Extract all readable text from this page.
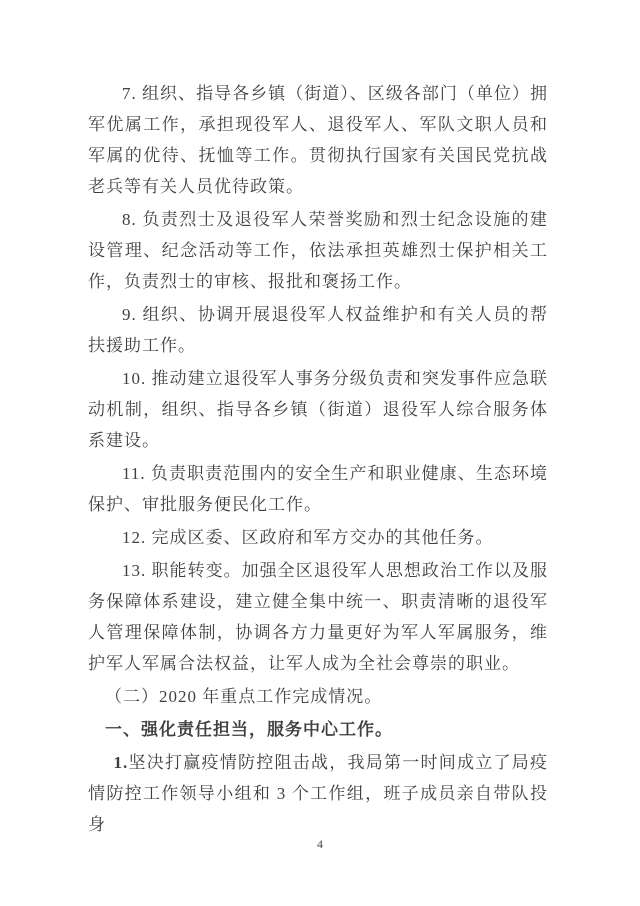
7. 组织、指导各乡镇（街道）、区级各部门（单位）拥军优属工作，承担现役军人、退役军人、军队文职人员和军属的优待、抚恤等工作。贯彻执行国家有关国民党抗战老兵等有关人员优待政策。

8. 负责烈士及退役军人荣誉奖励和烈士纪念设施的建设管理、纪念活动等工作，依法承担英雄烈士保护相关工作，负责烈士的审核、报批和褒扬工作。

9. 组织、协调开展退役军人权益维护和有关人员的帮扶援助工作。

10. 推动建立退役军人事务分级负责和突发事件应急联动机制，组织、指导各乡镇（街道）退役军人综合服务体系建设。

11. 负责职责范围内的安全生产和职业健康、生态环境保护、审批服务便民化工作。

12. 完成区委、区政府和军方交办的其他任务。

13. 职能转变。加强全区退役军人思想政治工作以及服务保障体系建设，建立健全集中统一、职责清晰的退役军人管理保障体制，协调各方力量更好为军人军属服务，维护军人军属合法权益，让军人成为全社会尊崇的职业。

（二）2020 年重点工作完成情况。

一、强化责任担当，服务中心工作。

1.坚决打赢疫情防控阻击战，我局第一时间成立了局疫情防控工作领导小组和 3 个工作组，班子成员亲自带队投身

4
